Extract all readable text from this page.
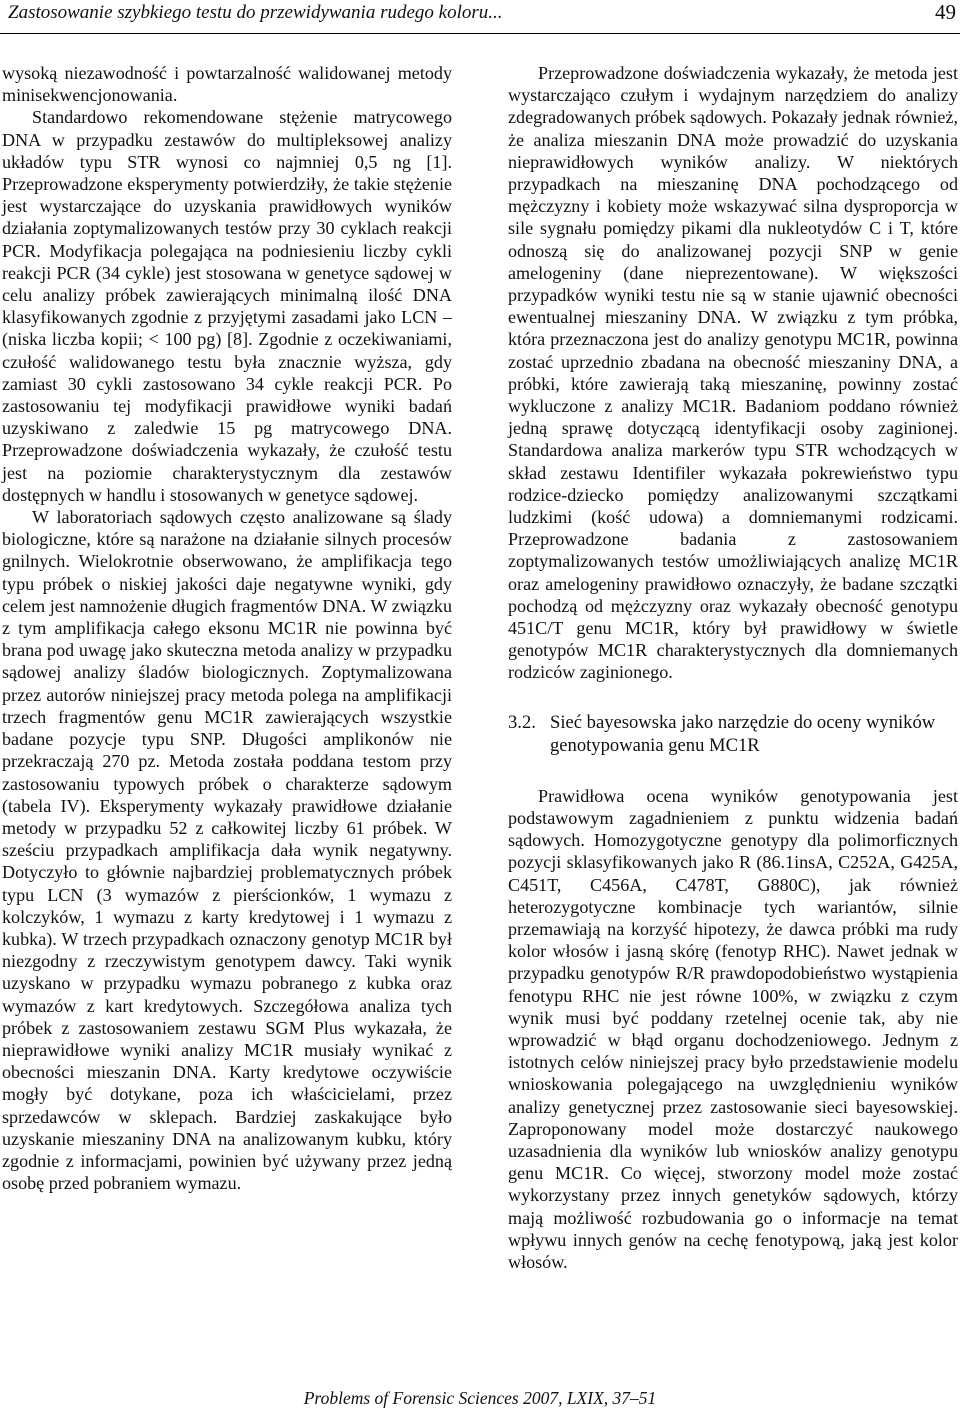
Zastosowanie szybkiego testu do przewidywania rudego koloru...	49

wysoką niezawodność i powtarzalność walidowanej metody minisekwencjonowania.

Standardowo rekomendowane stężenie matrycowego DNA w przypadku zestawów do multipleksowej analizy układów typu STR wynosi co najmniej 0,5 ng [1]. Przeprowadzone eksperymenty potwierdziły, że takie stężenie jest wystarczające do uzyskania prawidłowych wyników działania zoptymalizowanych testów przy 30 cyklach reakcji PCR. Modyfikacja polegająca na podniesieniu liczby cykli reakcji PCR (34 cykle) jest stosowana w genetyce sądowej w celu analizy próbek zawierających minimalną ilość DNA klasyfikowanych zgodnie z przyjętymi zasadami jako LCN – (niska liczba kopii; < 100 pg) [8]. Zgodnie z oczekiwaniami, czułość walidowanego testu była znacznie wyższa, gdy zamiast 30 cykli zastosowano 34 cykle reakcji PCR. Po zastosowaniu tej modyfikacji prawidłowe wyniki badań uzyskiwano z zaledwie 15 pg matrycowego DNA. Przeprowadzone doświadczenia wykazały, że czułość testu jest na poziomie charakterystycznym dla zestawów dostępnych w handlu i stosowanych w genetyce sądowej.

W laboratoriach sądowych często analizowane są ślady biologiczne, które są narażone na działanie silnych procesów gnilnych. Wielokrotnie obserwowano, że amplifikacja tego typu próbek o niskiej jakości daje negatywne wyniki, gdy celem jest namnożenie długich fragmentów DNA. W związku z tym amplifikacja całego eksonu MC1R nie powinna być brana pod uwagę jako skuteczna metoda analizy w przypadku sądowej analizy śladów biologicznych. Zoptymalizowana przez autorów niniejszej pracy metoda polega na amplifikacji trzech fragmentów genu MC1R zawierających wszystkie badane pozycje typu SNP. Długości amplikonów nie przekraczają 270 pz. Metoda została poddana testom przy zastosowaniu typowych próbek o charakterze sądowym (tabela IV). Eksperymenty wykazały prawidłowe działanie metody w przypadku 52 z całkowitej liczby 61 próbek. W sześciu przypadkach amplifikacja dała wynik negatywny. Dotyczyło to głównie najbardziej problematycznych próbek typu LCN (3 wymazów z pierścionków, 1 wymazu z kolczyków, 1 wymazu z karty kredytowej i 1 wymazu z kubka). W trzech przypadkach oznaczony genotyp MC1R był niezgodny z rzeczywistym genotypem dawcy. Taki wynik uzyskano w przypadku wymazu pobranego z kubka oraz wymazów z kart kredytowych. Szczegółowa analiza tych próbek z zastosowaniem zestawu SGM Plus wykazała, że nieprawidłowe wyniki analizy MC1R musiały wynikać z obecności mieszanin DNA. Karty kredytowe oczywiście mogły być dotykane, poza ich właścicielami, przez sprzedawców w sklepach. Bardziej zaskakujące było uzyskanie mieszaniny DNA na analizowanym kubku, który zgodnie z informacjami, powinien być używany przez jedną osobę przed pobraniem wymazu.

Przeprowadzone doświadczenia wykazały, że metoda jest wystarczająco czułym i wydajnym narzędziem do analizy zdegradowanych próbek sądowych. Pokazały jednak również, że analiza mieszanin DNA może prowadzić do uzyskania nieprawidłowych wyników analizy. W niektórych przypadkach na mieszaninę DNA pochodzącego od mężczyzny i kobiety może wskazywać silna dysproporcja w sile sygnału pomiędzy pikami dla nukleotydów C i T, które odnoszą się do analizowanej pozycji SNP w genie amelogeniny (dane nieprezentowane). W większości przypadków wyniki testu nie są w stanie ujawnić obecności ewentualnej mieszaniny DNA. W związku z tym próbka, która przeznaczona jest do analizy genotypu MC1R, powinna zostać uprzednio zbadana na obecność mieszaniny DNA, a próbki, które zawierają taką mieszaninę, powinny zostać wykluczone z analizy MC1R. Badaniom poddano również jedną sprawę dotyczącą identyfikacji osoby zaginionej. Standardowa analiza markerów typu STR wchodzących w skład zestawu Identifiler wykazała pokrewieństwo typu rodzice-dziecko pomiędzy analizowanymi szczątkami ludzkimi (kość udowa) a domniemanymi rodzicami. Przeprowadzone badania z zastosowaniem zoptymalizowanych testów umożliwiających analizę MC1R oraz amelogeniny prawidłowo oznaczyły, że badane szczątki pochodzą od mężczyzny oraz wykazały obecność genotypu 451C/T genu MC1R, który był prawidłowy w świetle genotypów MC1R charakterystycznych dla domniemanych rodziców zaginionego.

3.2. Sieć bayesowska jako narzędzie do oceny wyników genotypowania genu MC1R

Prawidłowa ocena wyników genotypowania jest podstawowym zagadnieniem z punktu widzenia badań sądowych. Homozygotyczne genotypy dla polimorficznych pozycji sklasyfikowanych jako R (86.1insA, C252A, G425A, C451T, C456A, C478T, G880C), jak również heterozygotyczne kombinacje tych wariantów, silnie przemawiają na korzyść hipotezy, że dawca próbki ma rudy kolor włosów i jasną skórę (fenotyp RHC). Nawet jednak w przypadku genotypów R/R prawdopodobieństwo wystąpienia fenotypu RHC nie jest równe 100%, w związku z czym wynik musi być poddany rzetelnej ocenie tak, aby nie wprowadzić w błąd organu dochodzeniowego. Jednym z istotnych celów niniejszej pracy było przedstawienie modelu wnioskowania polegającego na uwzględnieniu wyników analizy genetycznej przez zastosowanie sieci bayesowskiej. Zaproponowany model może dostarczyć naukowego uzasadnienia dla wyników lub wniosków analizy genotypu genu MC1R. Co więcej, stworzony model może zostać wykorzystany przez innych genetyków sądowych, którzy mają możliwość rozbudowania go o informacje na temat wpływu innych genów na cechę fenotypową, jaką jest kolor włosów.

Problems of Forensic Sciences 2007, LXIX, 37–51
